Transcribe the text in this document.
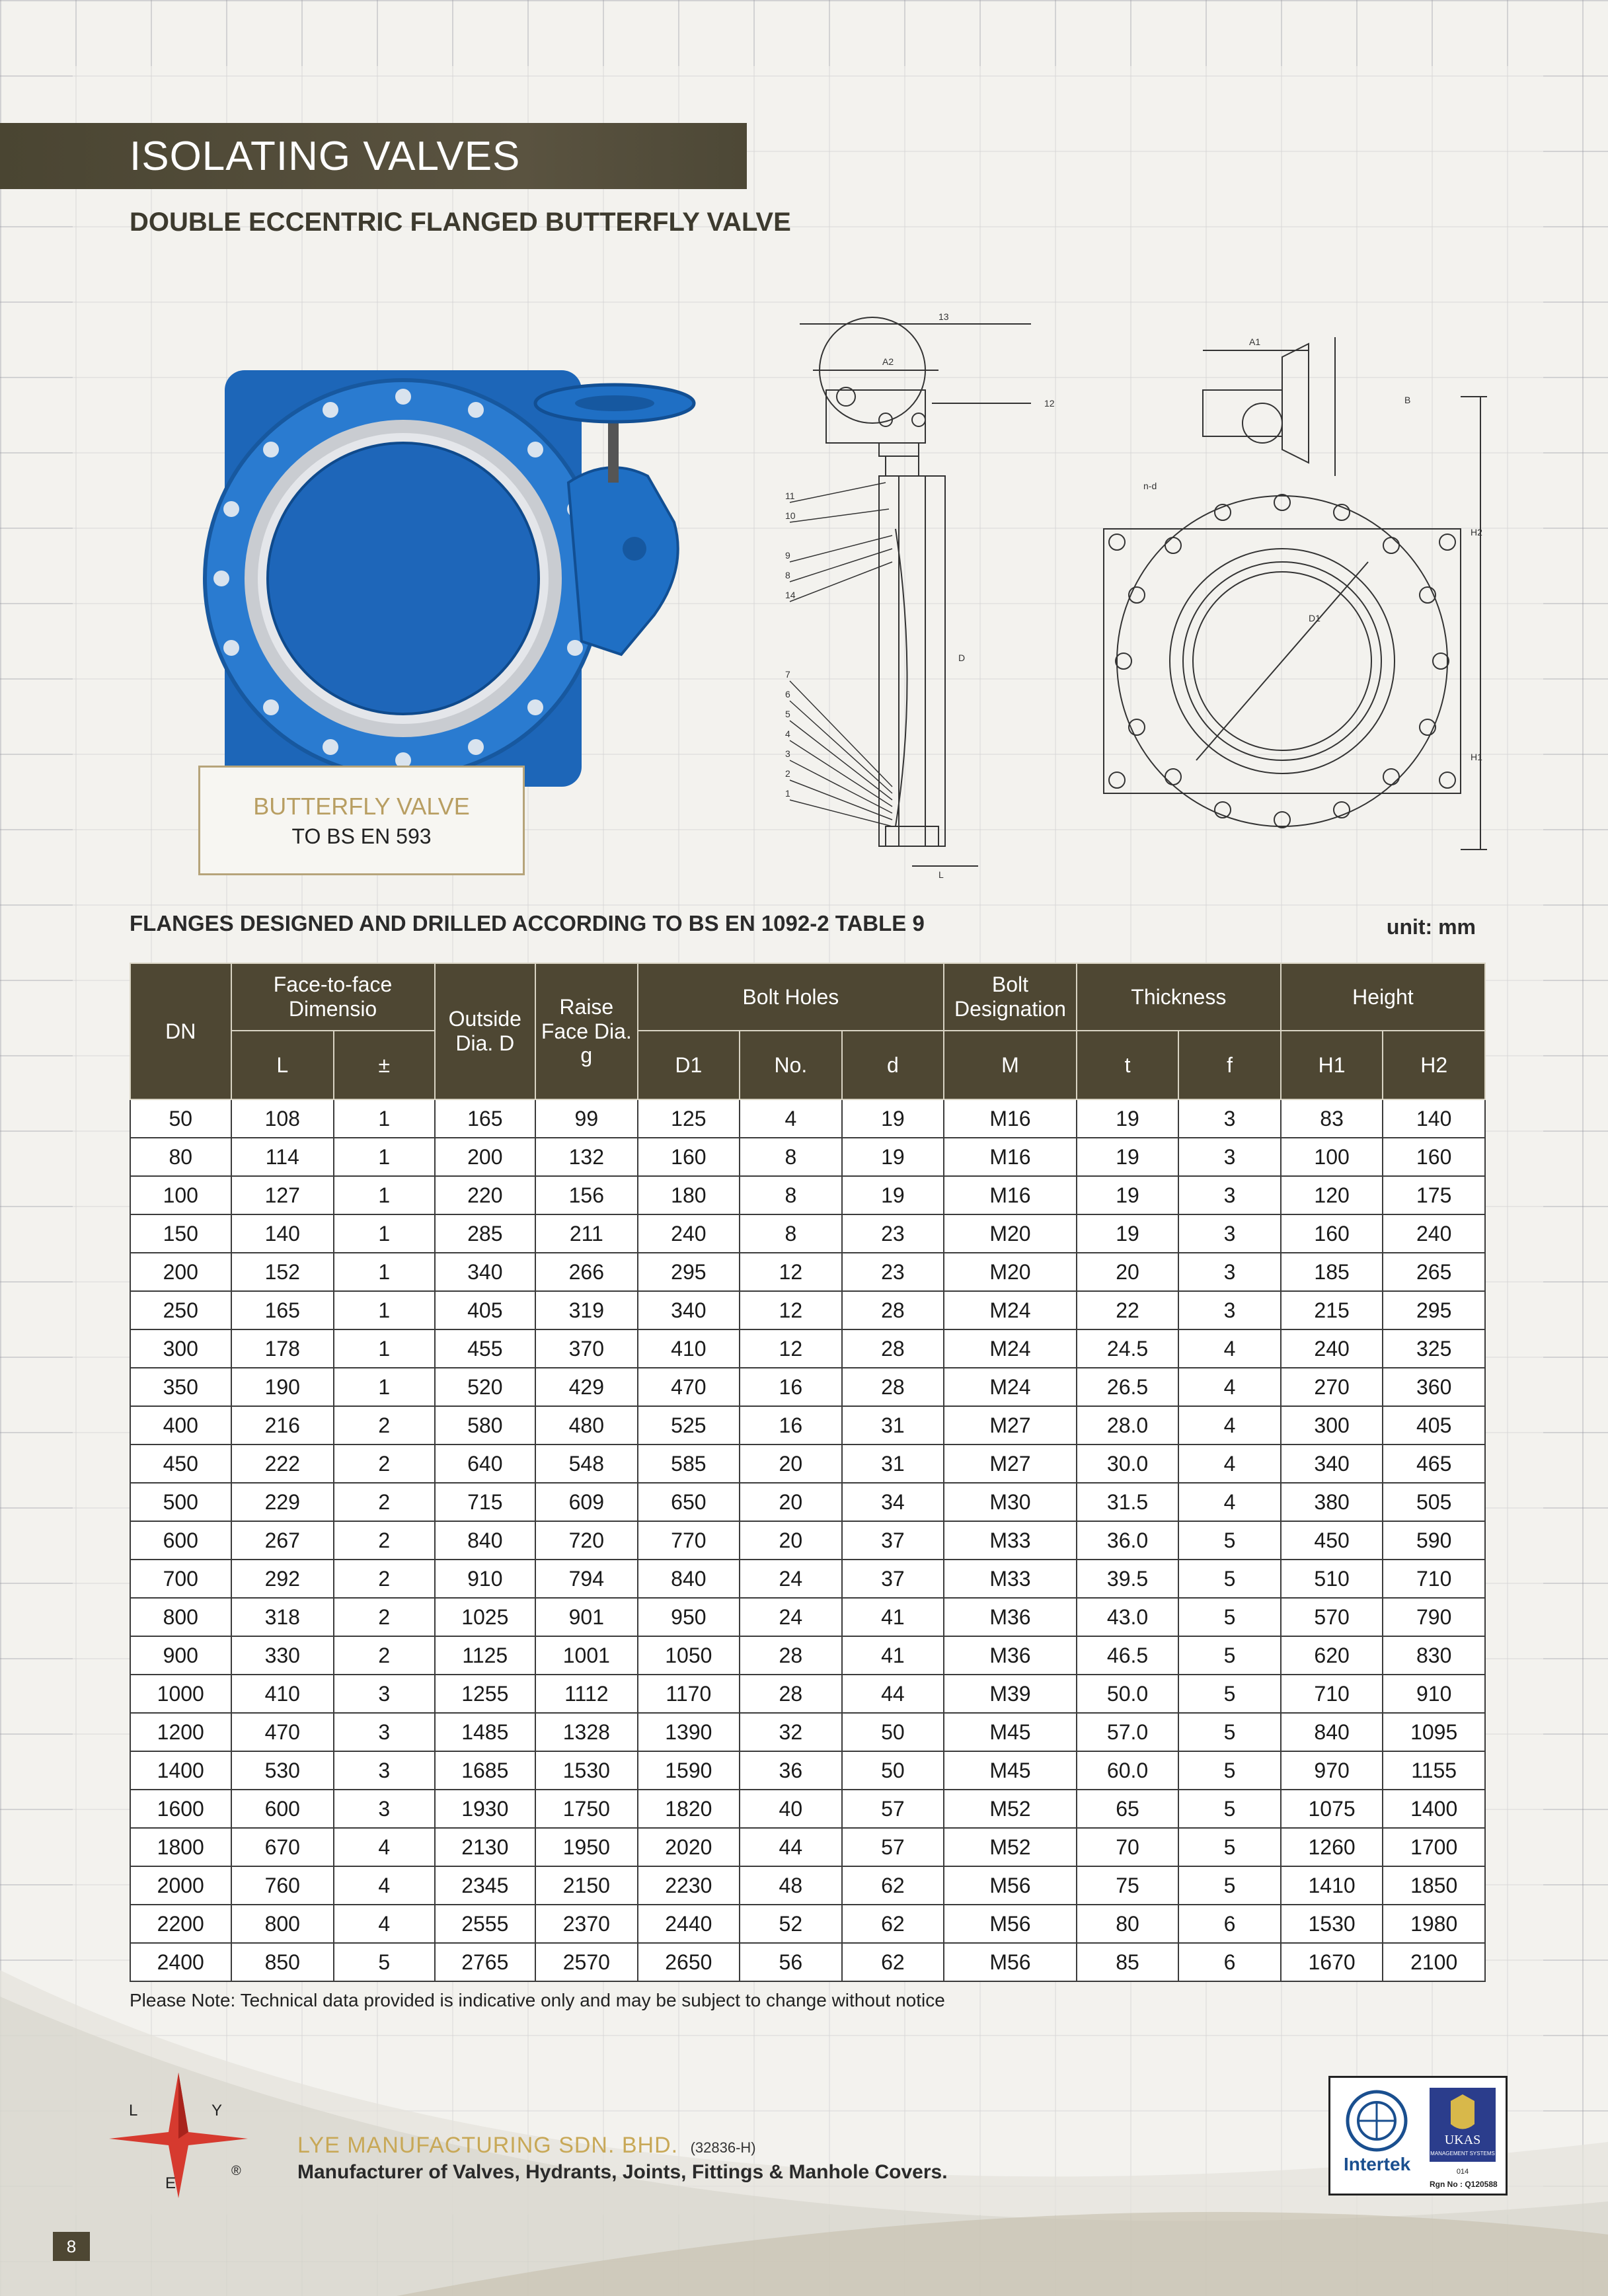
ISOLATING VALVES
DOUBLE ECCENTRIC FLANGED BUTTERFLY VALVE
BUTTERFLY VALVE
TO BS EN 593
13
A2
12
11
10
9
8
14
7
6
5
4
3
2
1
D
L
A1
B
n-d
H2
D1
H1
FLANGES DESIGNED AND DRILLED ACCORDING TO BS EN 1092-2 TABLE 9	unit: mm
DN	Face-to-face Dimensio		Outside Dia. D	Raise Face Dia. g	Bolt Holes			Bolt Designation	Thickness		Height	
	L	±			D1	No.	d	M	t	f	H1	H2
50	108	1	165	99	125	4	19	M16	19	3	83	140
80	114	1	200	132	160	8	19	M16	19	3	100	160
100	127	1	220	156	180	8	19	M16	19	3	120	175
150	140	1	285	211	240	8	23	M20	19	3	160	240
200	152	1	340	266	295	12	23	M20	20	3	185	265
250	165	1	405	319	340	12	28	M24	22	3	215	295
300	178	1	455	370	410	12	28	M24	24.5	4	240	325
350	190	1	520	429	470	16	28	M24	26.5	4	270	360
400	216	2	580	480	525	16	31	M27	28.0	4	300	405
450	222	2	640	548	585	20	31	M27	30.0	4	340	465
500	229	2	715	609	650	20	34	M30	31.5	4	380	505
600	267	2	840	720	770	20	37	M33	36.0	5	450	590
700	292	2	910	794	840	24	37	M33	39.5	5	510	710
800	318	2	1025	901	950	24	41	M36	43.0	5	570	790
900	330	2	1125	1001	1050	28	41	M36	46.5	5	620	830
1000	410	3	1255	1112	1170	28	44	M39	50.0	5	710	910
1200	470	3	1485	1328	1390	32	50	M45	57.0	5	840	1095
1400	530	3	1685	1530	1590	36	50	M45	60.0	5	970	1155
1600	600	3	1930	1750	1820	40	57	M52	65	5	1075	1400
1800	670	4	2130	1950	2020	44	57	M52	70	5	1260	1700
2000	760	4	2345	2150	2230	48	62	M56	75	5	1410	1850
2200	800	4	2555	2370	2440	52	62	M56	80	6	1530	1980
2400	850	5	2765	2570	2650	56	62	M56	85	6	1670	2100
Please Note: Technical data provided is indicative only and may be subject to change without notice
L	Y
E
®
LYE MANUFACTURING SDN. BHD. (32836-H)
Manufacturer of Valves, Hydrants, Joints, Fittings & Manhole Covers.	Intertek
UKAS
MANAGEMENT SYSTEMS
014
Rgn No : Q120588
8
